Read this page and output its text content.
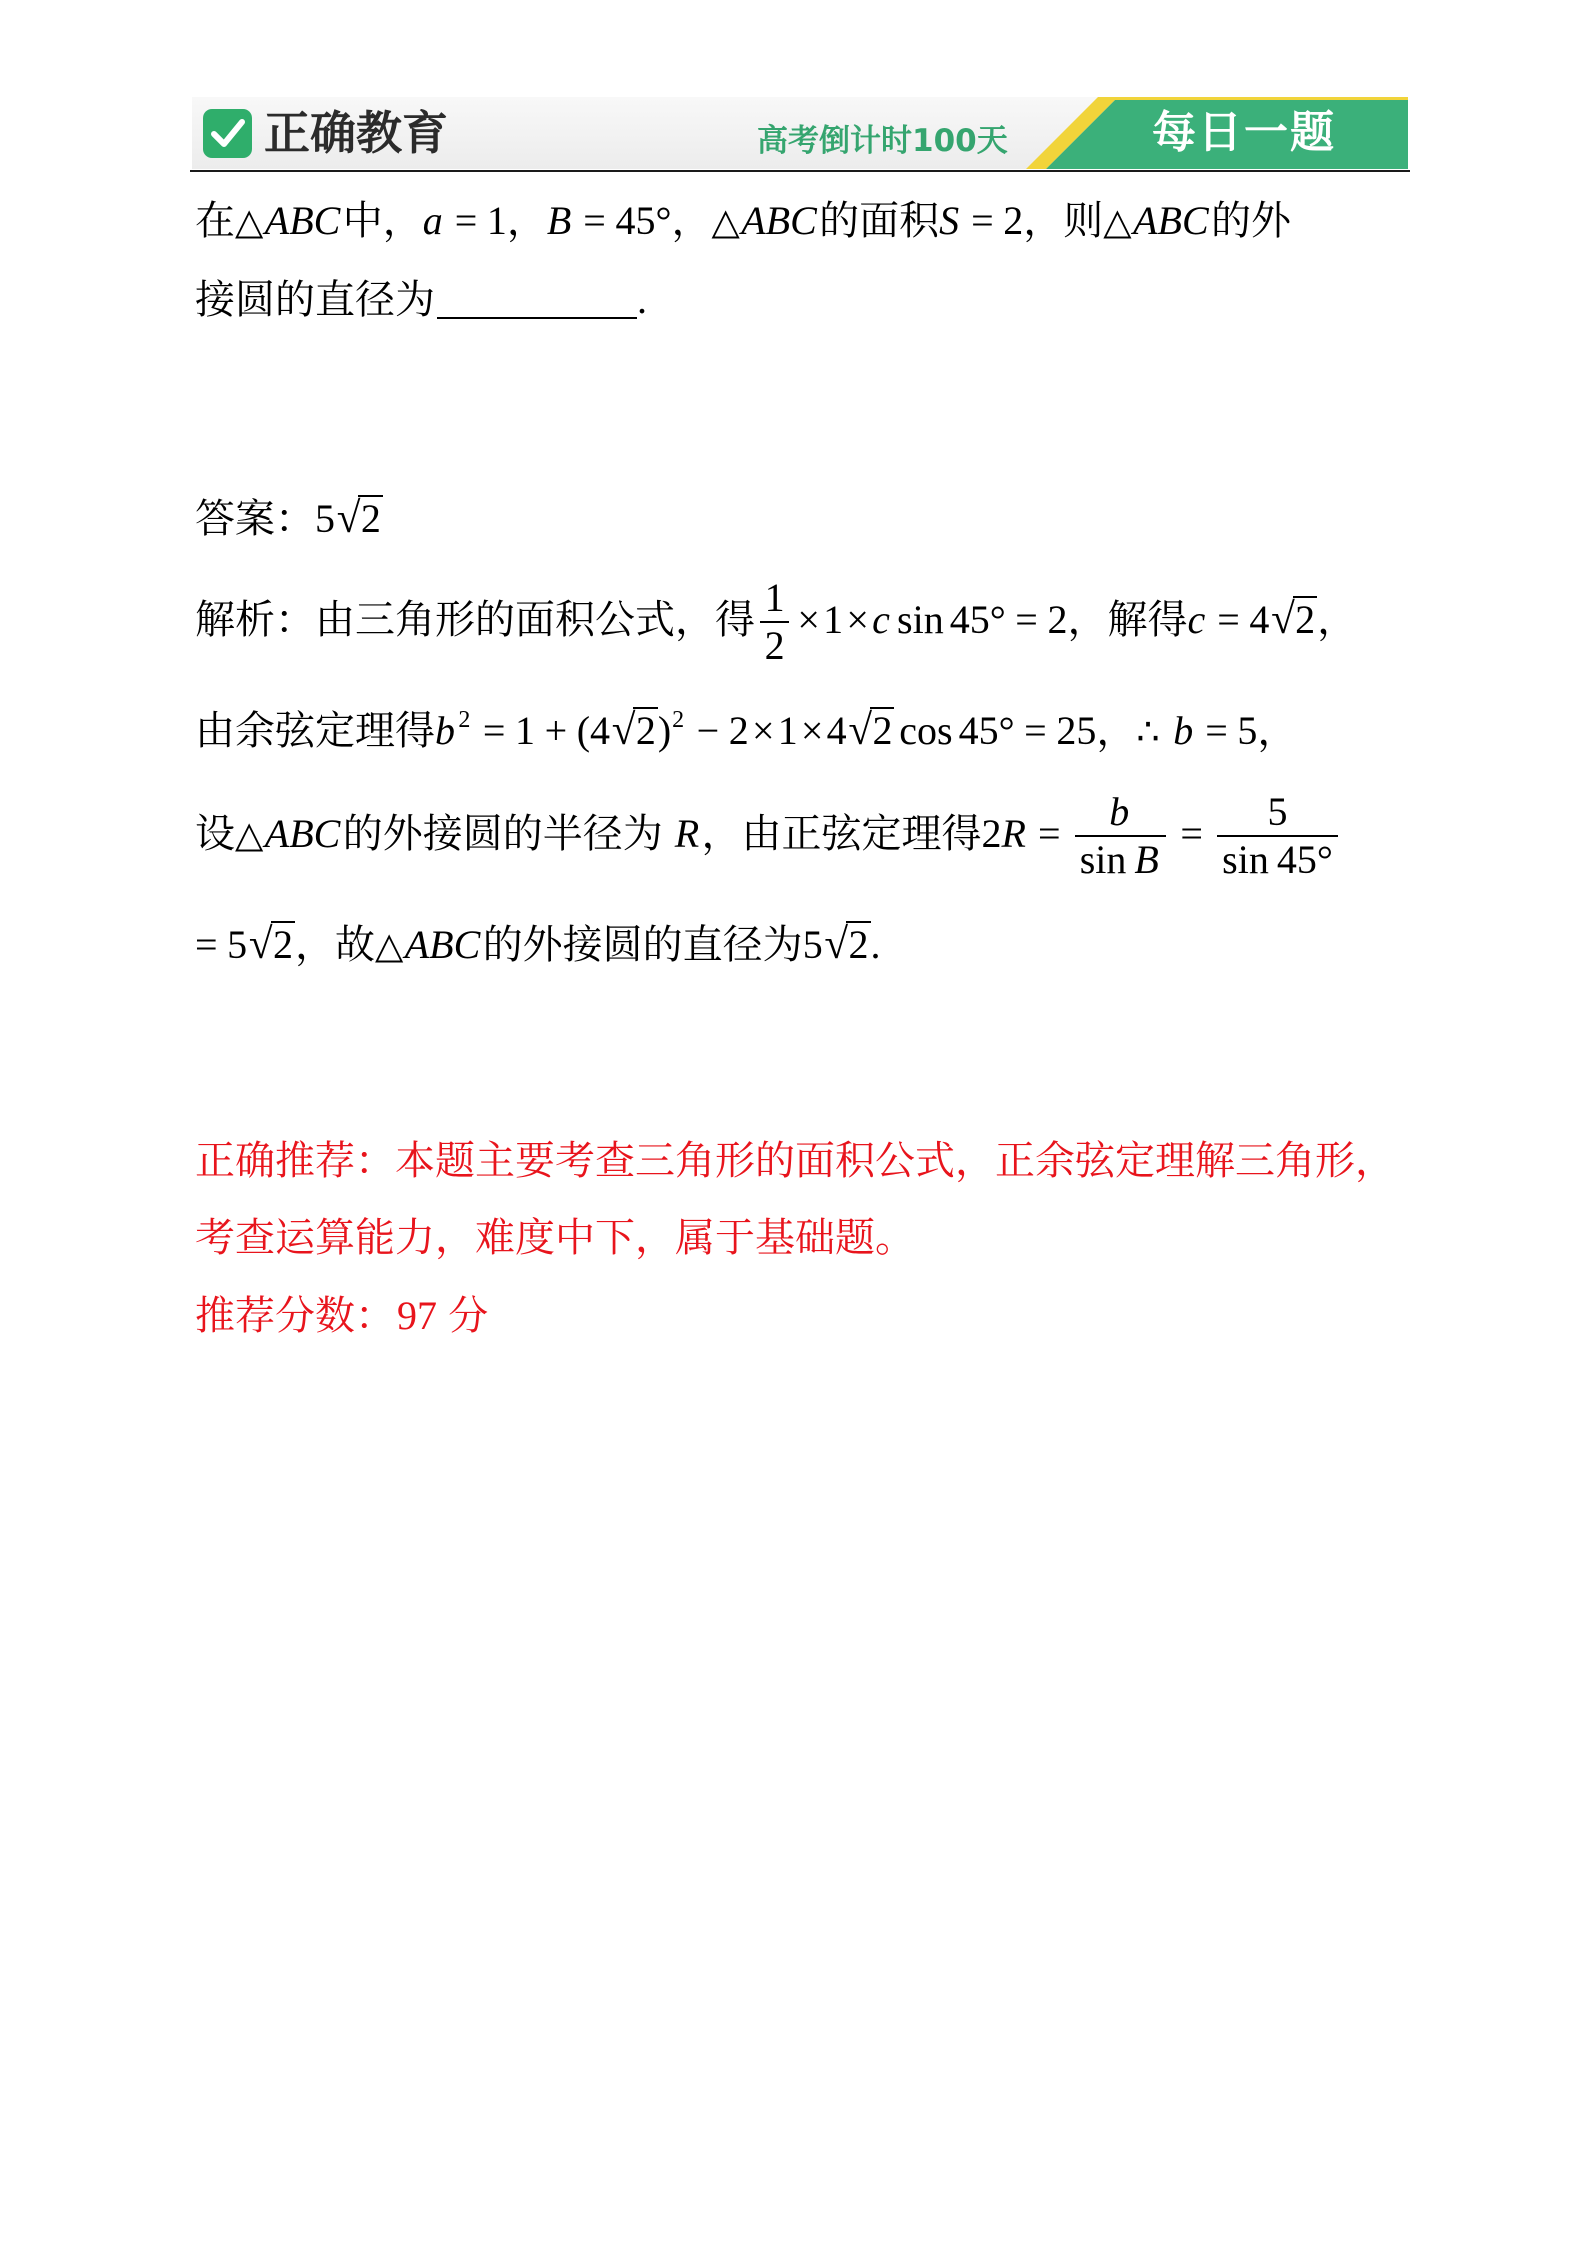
正确教育	高考倒计时100天	每日一题
在△ABC中，a = 1，B = 45°，△ABC的面积S = 2，则△ABC的外
接圆的直径为	.
答案：5√2
解析：由三角形的面积公式，得
$\frac{1}{2}$
×1×c sin 45° = 2，解得c = 4√2，
由余弦定理得b $^2 = 1 + (4√2)^2 - 2\times 1\times 4√2$ cos 45° = 25，∴ b = 5，
设△ABC的外接圆的半径为 R，由正弦定理得2R =
$\frac{b}{\text{sin B}}$
=
$\frac{5}{\sin 45^\circ}$
= 5√2，故△ABC的外接圆的直径为5√2.
正确推荐：本题主要考查三角形的面积公式，正余弦定理解三角形，
考查运算能力，难度中下，属于基础题。
推荐分数：97 分
